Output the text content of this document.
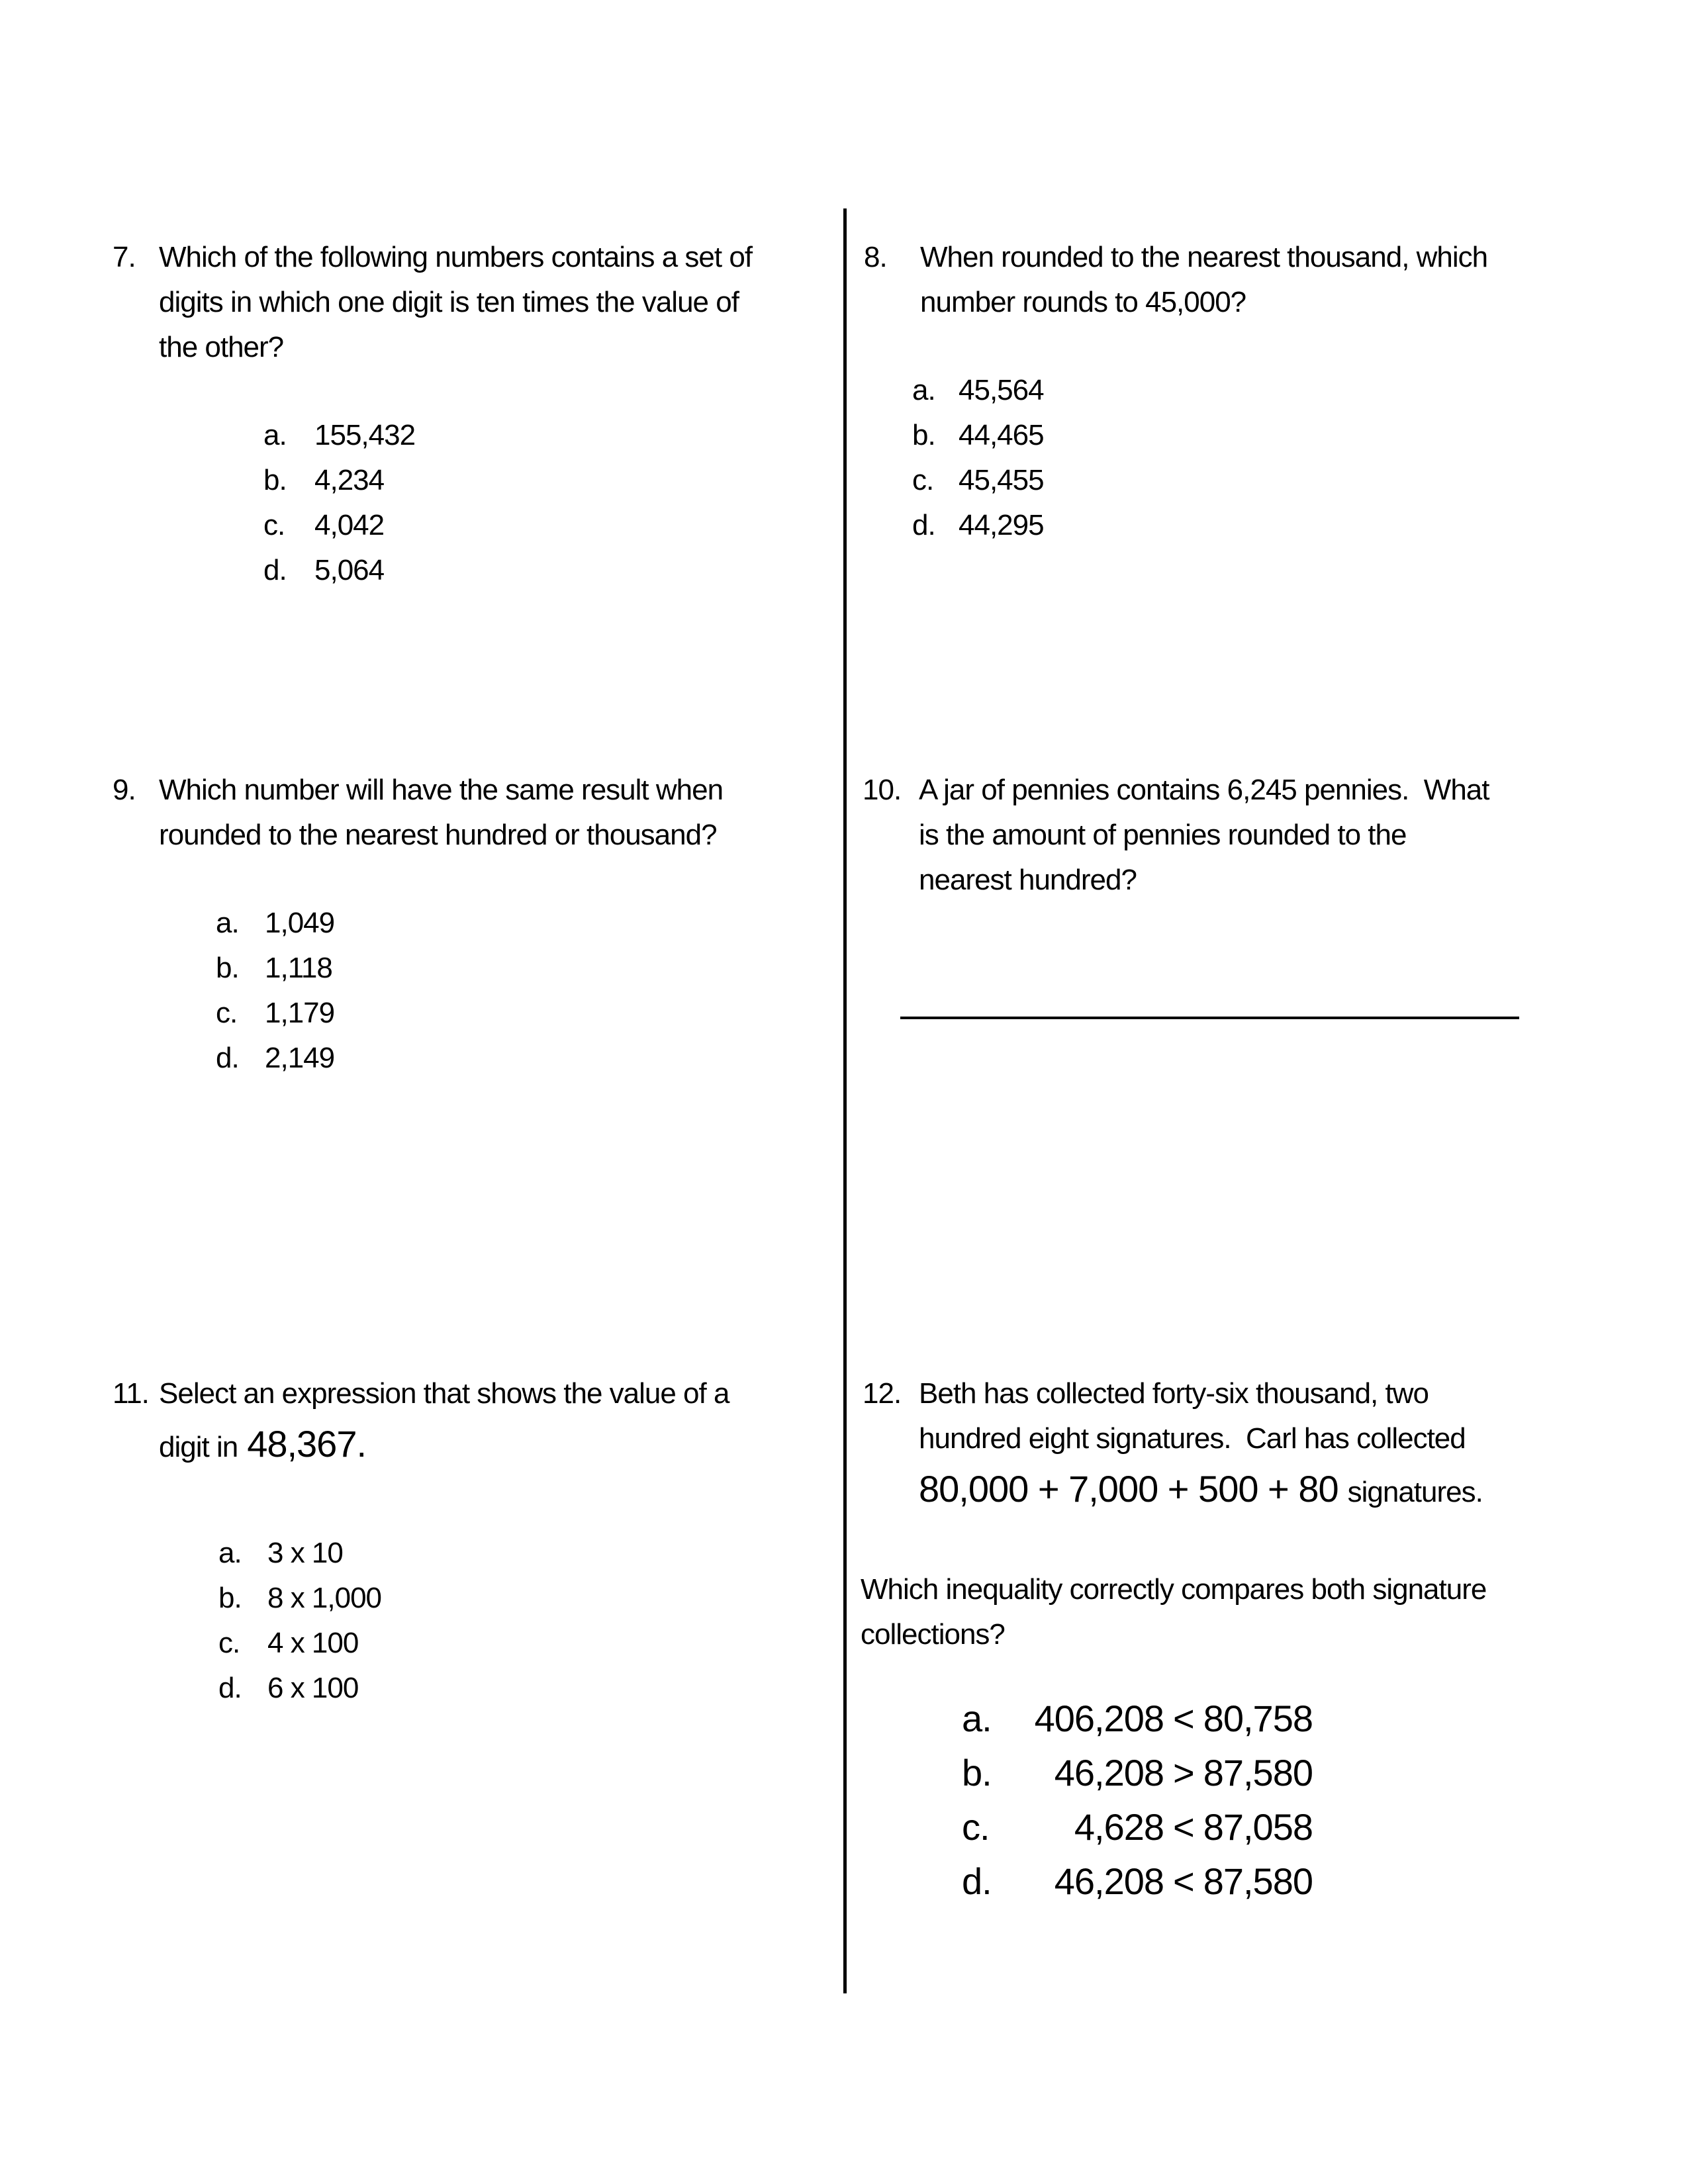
7. Which of the following numbers contains a set of
digits in which one digit is ten times the value of
the other?
a. 155,432
b. 4,234
c. 4,042
d. 5,064
8. When rounded to the nearest thousand, which
number rounds to 45,000?
a. 45,564
b. 44,465
c. 45,455
d. 44,295
9. Which number will have the same result when
rounded to the nearest hundred or thousand?
a. 1,049
b. 1,118
c. 1,179
d. 2,149
10. A jar of pennies contains 6,245 pennies.  What
is the amount of pennies rounded to the
nearest hundred?
11. Select an expression that shows the value of a
digit in 48,367.
a. 3 x 10
b. 8 x 1,000
c. 4 x 100
d. 6 x 100
12. Beth has collected forty-six thousand, two
hundred eight signatures.  Carl has collected
80,000 + 7,000 + 500 + 80 signatures.
Which inequality correctly compares both signature
collections?
a. 406,208 < 80,758
b. 46,208 > 87,580
c. 4,628 < 87,058
d. 46,208 < 87,580
